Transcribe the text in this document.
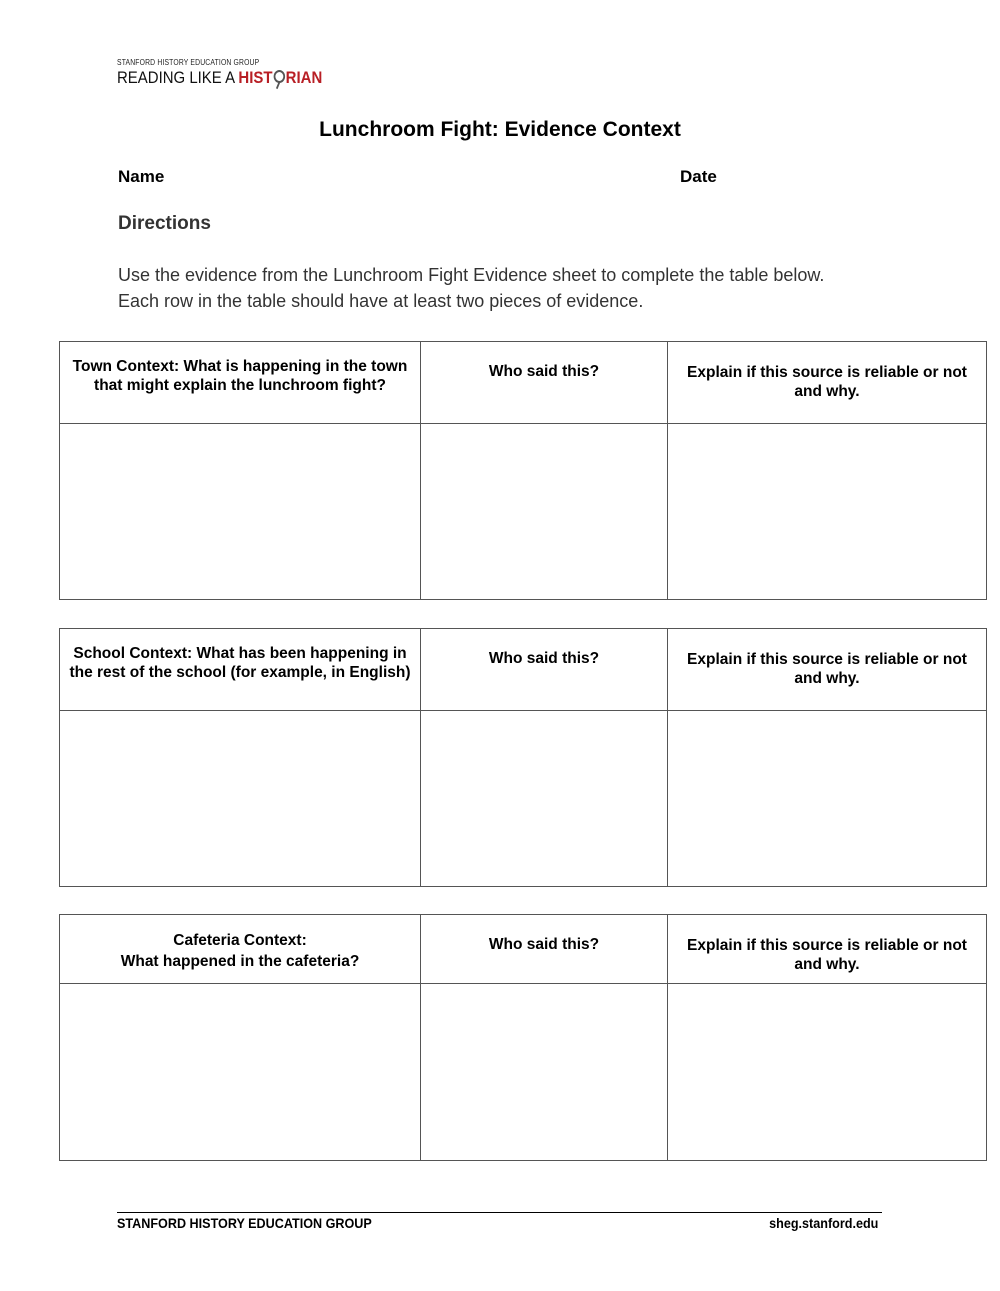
STANFORD HISTORY EDUCATION GROUP
READING LIKE A HIST RIAN
Lunchroom Fight: Evidence Context
Name	Date
Directions
Use the evidence from the Lunchroom Fight Evidence sheet to complete the table below. Each row in the table should have at least two pieces of evidence.
Town Context: What is happening in the town that might explain the lunchroom fight?	Who said this?	Explain if this source is reliable or not and why.

School Context: What has been happening in the rest of the school (for example, in English)	Who said this?	Explain if this source is reliable or not and why.

Cafeteria Context:
What happened in the cafeteria?	Who said this?	Explain if this source is reliable or not and why.

STANFORD HISTORY EDUCATION GROUP	sheg.stanford.edu
